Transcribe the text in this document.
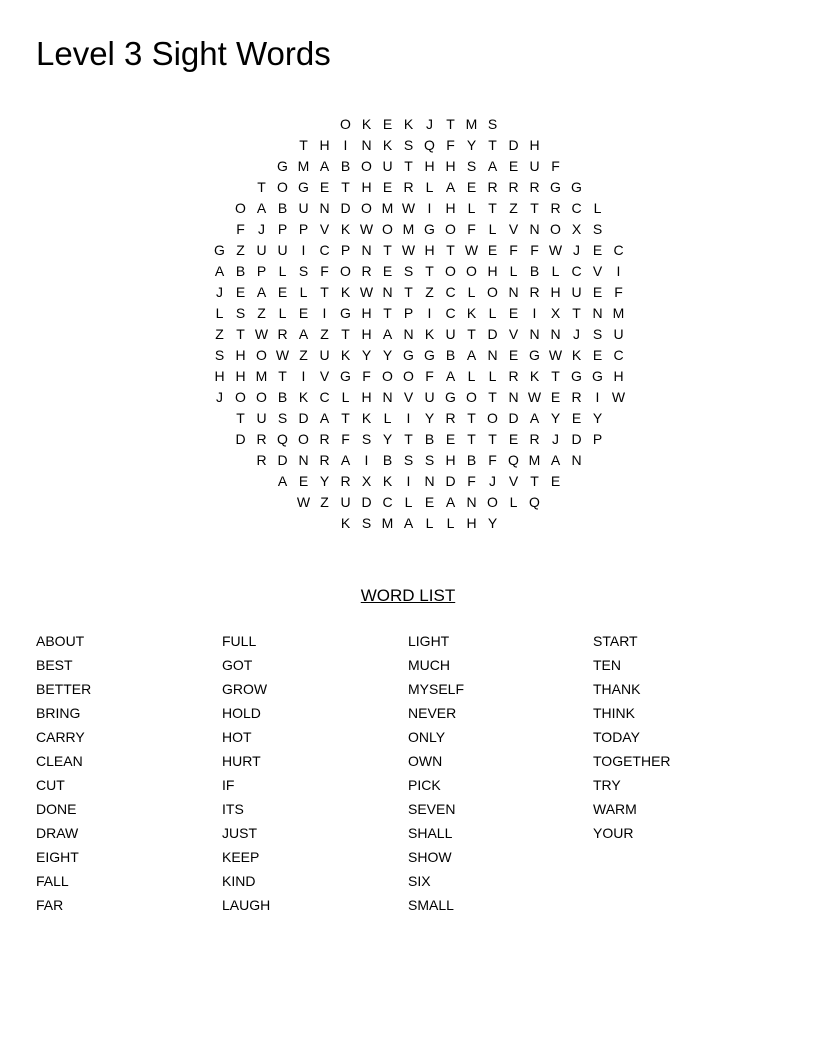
Level 3 Sight Words
O K E K J T M S
T H I	N K S Q F Y T D H
G M A B O U T H H S A E U F
T O G E T H E R L A E R R R G G
O A B U N D O M W I	H L T Z T R C L
F J P P V K W O M G O F L V N O X S
G Z U U I	C P N T W H T W E F F W J E C
A B P L S F O R E S T O O H L B L C V	I
J E A E L T K W N T Z C L O N R H U E F
L S Z L E	I G H T P	I	C K L E	I	X T N M
Z T W R A Z T H A N K U T D V N N J S U
S H O W Z U K Y Y G G B A N E G W K E C
H H M T	I	V G F O O F A L L R K T G G H
J O O B K C L H N V U G O T N W E R I W
T U S D A T K L	I	Y R T O D A Y E Y
D R Q O R F S Y T B E T T E R J D P
R D N R A	I	B S S H B F Q M A N
A E Y R X K	I	N D F J V T E
W Z U D C L E A N O L Q
K S M A L L H Y
WORD LIST
ABOUT
BEST
BETTER
BRING
CARRY
CLEAN
CUT
DONE
DRAW
EIGHT
FALL
FAR
FULL
GOT
GROW
HOLD
HOT
HURT
IF
ITS
JUST
KEEP
KIND
LAUGH
LIGHT
MUCH
MYSELF
NEVER
ONLY
OWN
PICK
SEVEN
SHALL
SHOW
SIX
SMALL
START
TEN
THANK
THINK
TODAY
TOGETHER
TRY
WARM
YOUR
